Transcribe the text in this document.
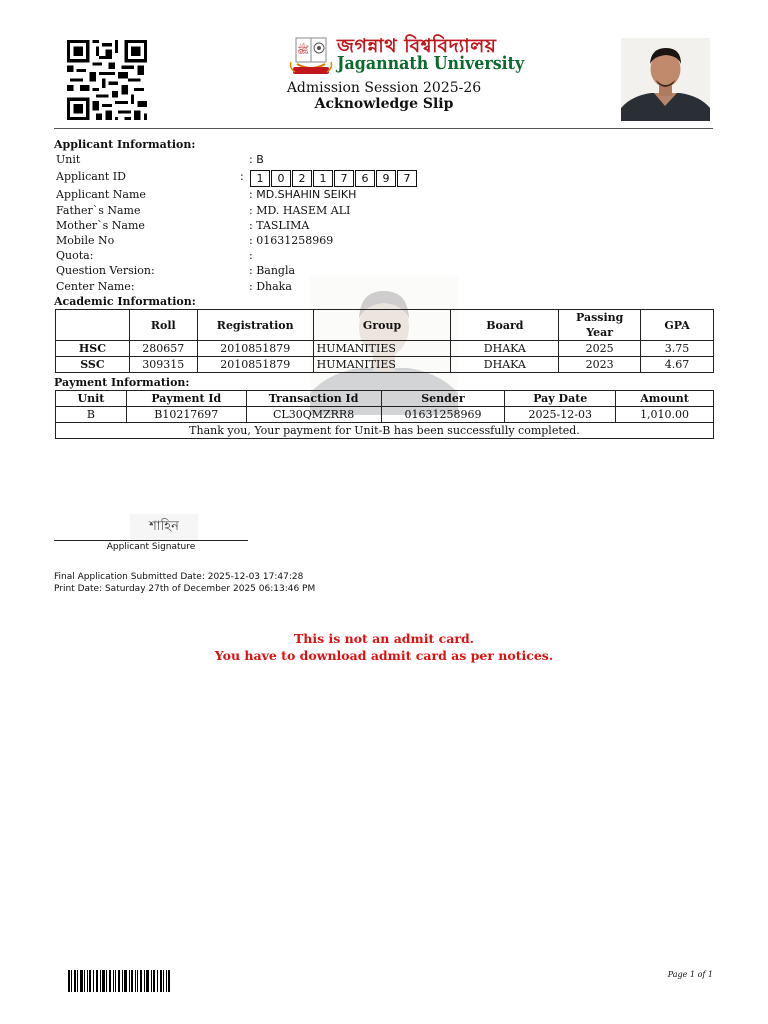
ﷺ জগন্নাথ বিশ্ববিদ্যালয়
Jagannath University
Admission Session 2025-26
Acknowledge Slip
Applicant Information:
Unit	: B
Applicant ID	:	1	0	2	1	7	6	9	7
Applicant Name	: MD.SHAHIN SEIKH
Father`s Name	: MD. HASEM ALI
Mother`s Name	: TASLIMA
Mobile No	: 01631258969
Quota:	:
Question Version:	: Bangla
Center Name:	: Dhaka
Academic Information:
	Roll	Registration	Group	Board	Passing Year	GPA
HSC	280657	2010851879	HUMANITIES	DHAKA	2025	3.75
SSC	309315	2010851879	HUMANITIES	DHAKA	2023	4.67
Payment Information:
Unit	Payment Id	Transaction Id	Sender	Pay Date	Amount
B	B10217697	CL30QMZRR8	01631258969	2025-12-03	1,010.00
Thank you, Your payment for Unit-B has been successfully completed.					
শাহিন
Applicant Signature
Final Application Submitted Date: 2025-12-03 17:47:28
Print Date: Saturday 27th of December 2025 06:13:46 PM
This is not an admit card.
You have to download admit card as per notices.
Page 1 of 1
